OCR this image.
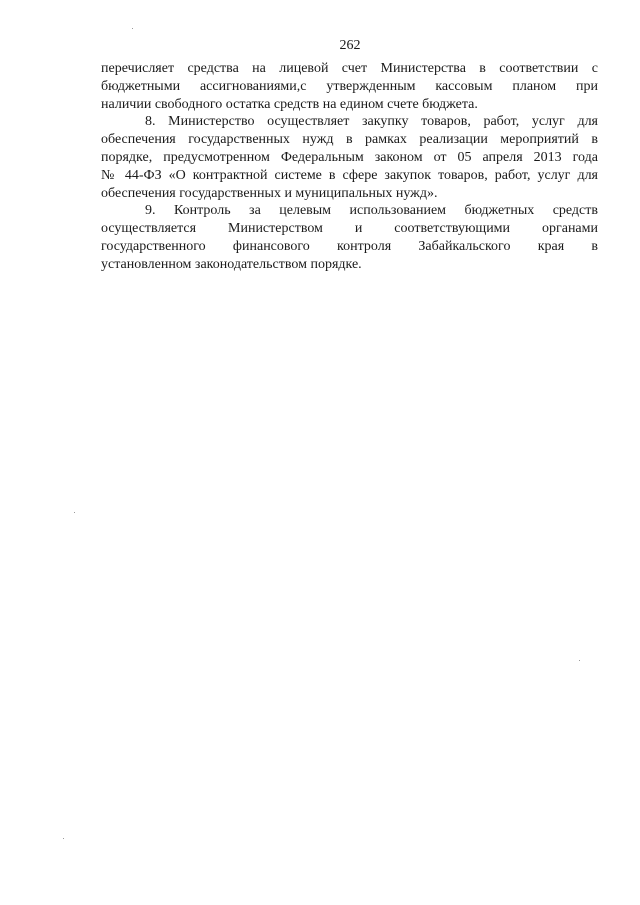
262

перечисляет средства на лицевой счет Министерства в соответствии с
бюджетными ассигнованиями,с утвержденным кассовым планом при
наличии свободного остатка средств на едином счете бюджета.

8. Министерство осуществляет закупку товаров, работ, услуг для
обеспечения государственных нужд в рамках реализации мероприятий в
порядке, предусмотренном Федеральным законом от 05 апреля 2013 года
№ 44-ФЗ «О контрактной системе в сфере закупок товаров, работ, услуг для
обеспечения государственных и муниципальных нужд».

9. Контроль за целевым использованием бюджетных средств
осуществляется Министерством и соответствующими органами
государственного финансового контроля Забайкальского края в
установленном законодательством порядке.
